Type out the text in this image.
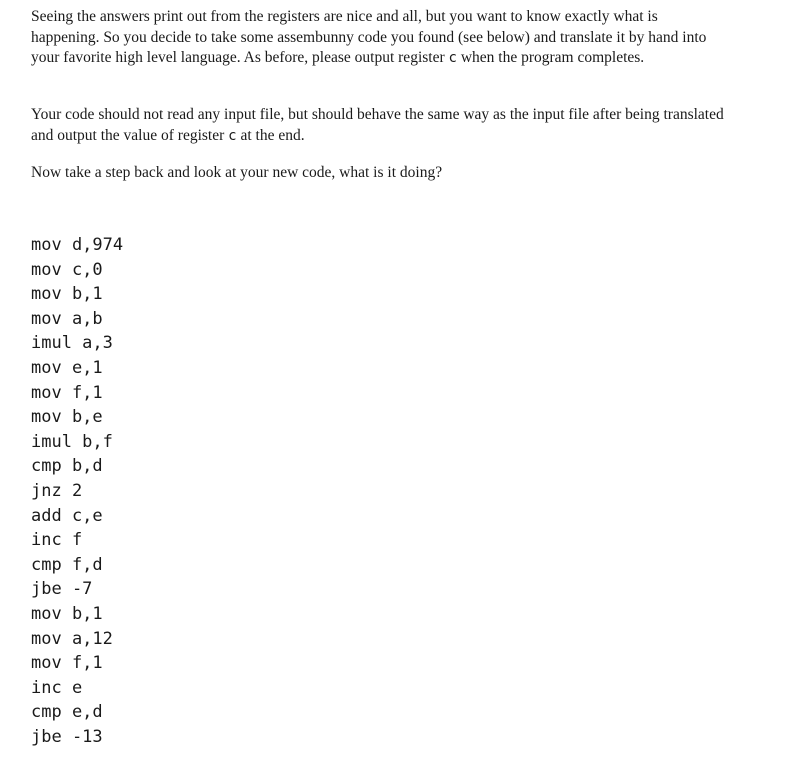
Seeing the answers print out from the registers are nice and all, but you want to know exactly what is happening. So you decide to take some assembunny code you found (see below) and translate it by hand into your favorite high level language. As before, please output register c when the program completes.

Your code should not read any input file, but should behave the same way as the input file after being translated and output the value of register c at the end.

Now take a step back and look at your new code, what is it doing?

mov d,974
mov c,0
mov b,1
mov a,b
imul a,3
mov e,1
mov f,1
mov b,e
imul b,f
cmp b,d
jnz 2
add c,e
inc f
cmp f,d
jbe -7
mov b,1
mov a,12
mov f,1
inc e
cmp e,d
jbe -13
